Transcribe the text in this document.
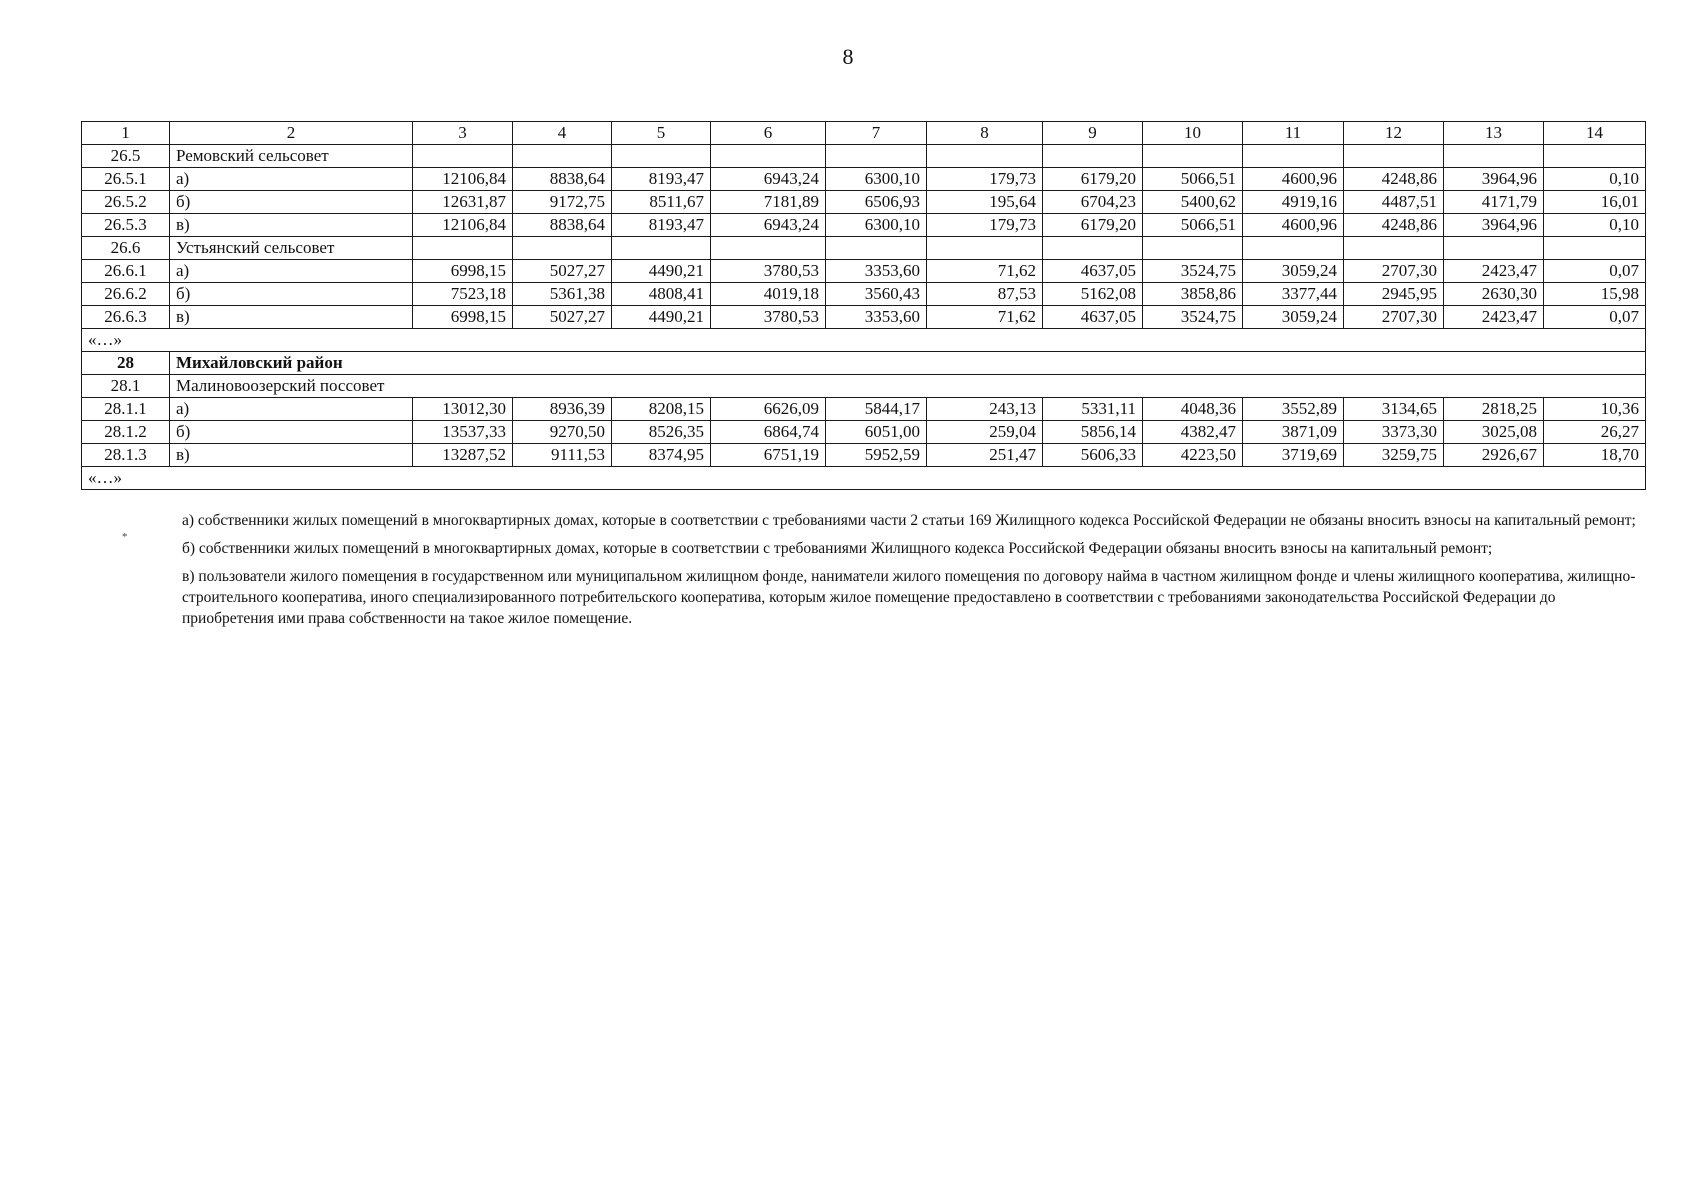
8
1	2	3	4	5	6	7	8	9	10	11	12	13	14
26.5	Ремовский сельсовет												
26.5.1	а)	12106,84	8838,64	8193,47	6943,24	6300,10	179,73	6179,20	5066,51	4600,96	4248,86	3964,96	0,10
26.5.2	б)	12631,87	9172,75	8511,67	7181,89	6506,93	195,64	6704,23	5400,62	4919,16	4487,51	4171,79	16,01
26.5.3	в)	12106,84	8838,64	8193,47	6943,24	6300,10	179,73	6179,20	5066,51	4600,96	4248,86	3964,96	0,10
26.6	Устьянский сельсовет												
26.6.1	а)	6998,15	5027,27	4490,21	3780,53	3353,60	71,62	4637,05	3524,75	3059,24	2707,30	2423,47	0,07
26.6.2	б)	7523,18	5361,38	4808,41	4019,18	3560,43	87,53	5162,08	3858,86	3377,44	2945,95	2630,30	15,98
26.6.3	в)	6998,15	5027,27	4490,21	3780,53	3353,60	71,62	4637,05	3524,75	3059,24	2707,30	2423,47	0,07
«…»													
28	Михайловский район												
28.1	Малиновоозерский поссовет												
28.1.1	а)	13012,30	8936,39	8208,15	6626,09	5844,17	243,13	5331,11	4048,36	3552,89	3134,65	2818,25	10,36
28.1.2	б)	13537,33	9270,50	8526,35	6864,74	6051,00	259,04	5856,14	4382,47	3871,09	3373,30	3025,08	26,27
28.1.3	в)	13287,52	9111,53	8374,95	6751,19	5952,59	251,47	5606,33	4223,50	3719,69	3259,75	2926,67	18,70
«…»													
*

а) собственники жилых помещений в многоквартирных домах, которые в соответствии с требованиями части 2 статьи 169 Жилищного кодекса Российской Федерации не обязаны вносить взносы на капитальный ремонт;

б) собственники жилых помещений в многоквартирных домах, которые в соответствии с требованиями Жилищного кодекса Российской Федерации обязаны вносить взносы на капитальный ремонт;

в) пользователи жилого помещения в государственном или муниципальном жилищном фонде, наниматели жилого помещения по договору найма в частном жилищном фонде и члены жилищного кооператива, жилищно-строительного кооператива, иного специализированного потребительского кооператива, которым жилое помещение предоставлено в соответствии с требованиями законодательства Российской Федерации до приобретения ими права собственности на такое жилое помещение.
